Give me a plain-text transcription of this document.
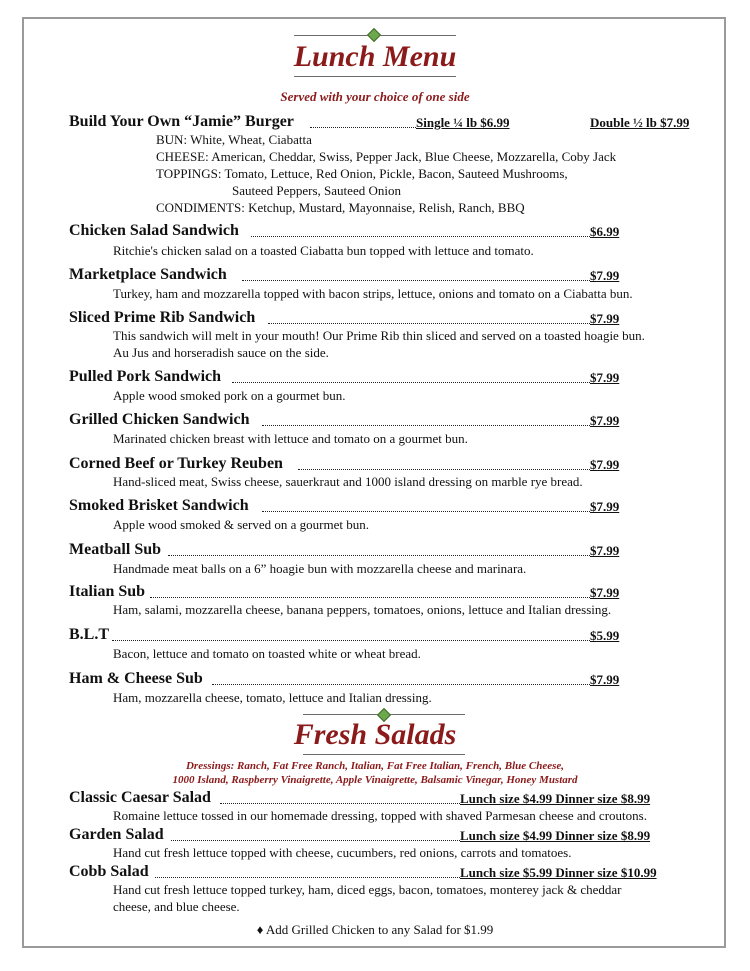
Lunch Menu
Served with your choice of one side
Build Your Own “Jamie” Burger	Single ¼ lb $6.99	Double ½ lb $7.99
BUN: White, Wheat, Ciabatta
CHEESE: American, Cheddar, Swiss, Pepper Jack, Blue Cheese, Mozzarella, Coby Jack
TOPPINGS: Tomato, Lettuce, Red Onion, Pickle, Bacon, Sauteed Mushrooms,
Sauteed Peppers, Sauteed Onion
CONDIMENTS: Ketchup, Mustard, Mayonnaise, Relish, Ranch, BBQ
Chicken Salad Sandwich	$6.99
Ritchie's chicken salad on a toasted Ciabatta bun topped with lettuce and tomato.
Marketplace Sandwich	$7.99
Turkey, ham and mozzarella topped with bacon strips, lettuce, onions and tomato on a Ciabatta bun.
Sliced Prime Rib Sandwich	$7.99
This sandwich will melt in your mouth! Our Prime Rib thin sliced and served on a toasted hoagie bun.
Au Jus and horseradish sauce on the side.
Pulled Pork Sandwich	$7.99
Apple wood smoked pork on a gourmet bun.
Grilled Chicken Sandwich	$7.99
Marinated chicken breast with lettuce and tomato on a gourmet bun.
Corned Beef or Turkey Reuben	$7.99
Hand-sliced meat, Swiss cheese, sauerkraut and 1000 island dressing on marble rye bread.
Smoked Brisket Sandwich	$7.99
Apple wood smoked & served on a gourmet bun.
Meatball Sub	$7.99
Handmade meat balls on a 6” hoagie bun with mozzarella cheese and marinara.
Italian Sub	$7.99
Ham, salami, mozzarella cheese, banana peppers, tomatoes, onions, lettuce and Italian dressing.
B.L.T	$5.99
Bacon, lettuce and tomato on toasted white or wheat bread.
Ham & Cheese Sub	$7.99
Ham, mozzarella cheese, tomato, lettuce and Italian dressing.
Fresh Salads
Dressings: Ranch, Fat Free Ranch, Italian, Fat Free Italian, French, Blue Cheese,
1000 Island, Raspberry Vinaigrette, Apple Vinaigrette, Balsamic Vinegar, Honey Mustard
Classic Caesar Salad	Lunch size $4.99 Dinner size $8.99
Romaine lettuce tossed in our homemade dressing, topped with shaved Parmesan cheese and croutons.
Garden Salad	Lunch size $4.99 Dinner size $8.99
Hand cut fresh lettuce topped with cheese, cucumbers, red onions, carrots and tomatoes.
Cobb Salad	Lunch size $5.99 Dinner size $10.99
Hand cut fresh lettuce topped turkey, ham, diced eggs, bacon, tomatoes, monterey jack & cheddar
cheese, and blue cheese.
♦ Add Grilled Chicken to any Salad for $1.99
